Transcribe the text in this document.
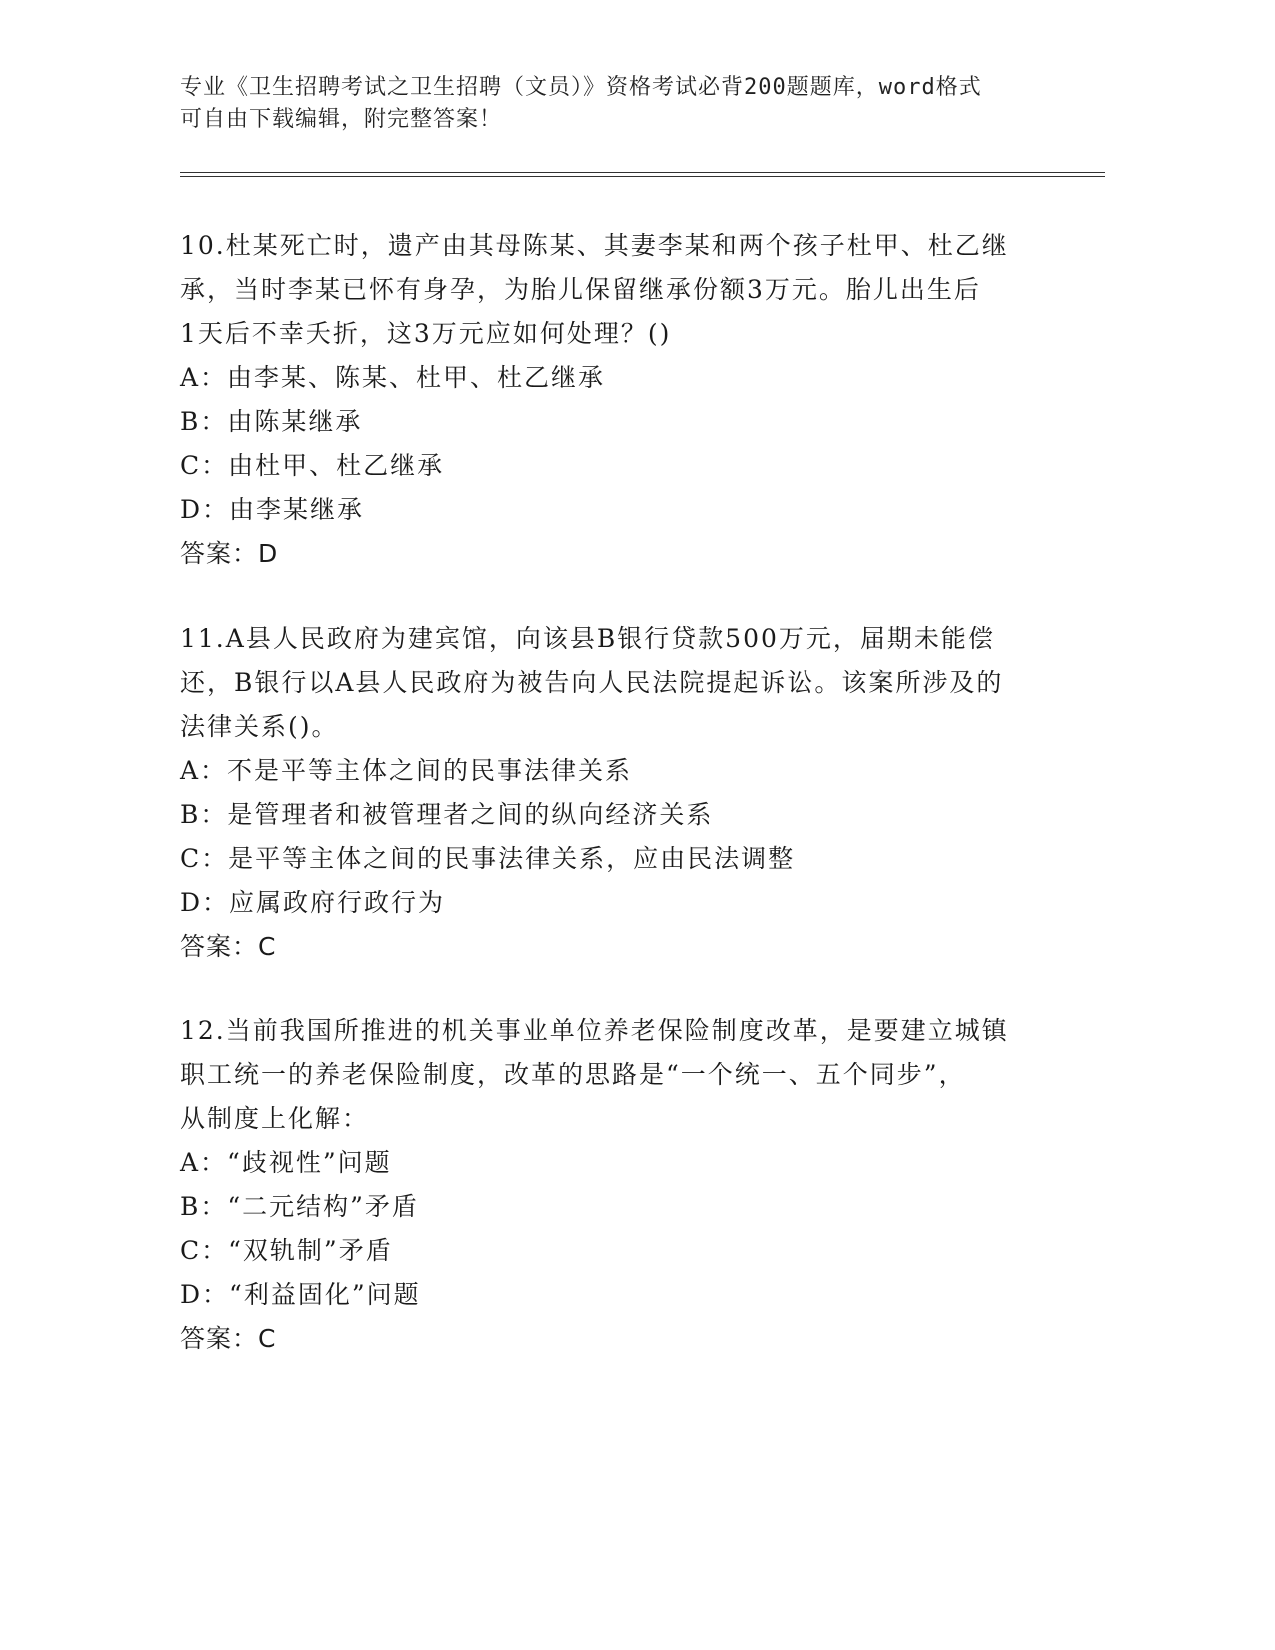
专业《卫生招聘考试之卫生招聘（文员）》资格考试必背200题题库，word格式
可自由下载编辑，附完整答案！
10.杜某死亡时，遗产由其母陈某、其妻李某和两个孩子杜甲、杜乙继
承，当时李某已怀有身孕，为胎儿保留继承份额3万元。胎儿出生后
1天后不幸夭折，这3万元应如何处理？()
A：由李某、陈某、杜甲、杜乙继承
B：由陈某继承
C：由杜甲、杜乙继承
D：由李某继承
答案：D
11.A县人民政府为建宾馆，向该县B银行贷款500万元，届期未能偿
还，B银行以A县人民政府为被告向人民法院提起诉讼。该案所涉及的
法律关系()。
A：不是平等主体之间的民事法律关系
B：是管理者和被管理者之间的纵向经济关系
C：是平等主体之间的民事法律关系，应由民法调整
D：应属政府行政行为
答案：C
12.当前我国所推进的机关事业单位养老保险制度改革，是要建立城镇
职工统一的养老保险制度，改革的思路是“一个统一、五个同步”，
从制度上化解：
A：“歧视性”问题
B：“二元结构”矛盾
C：“双轨制”矛盾
D：“利益固化”问题
答案：C
